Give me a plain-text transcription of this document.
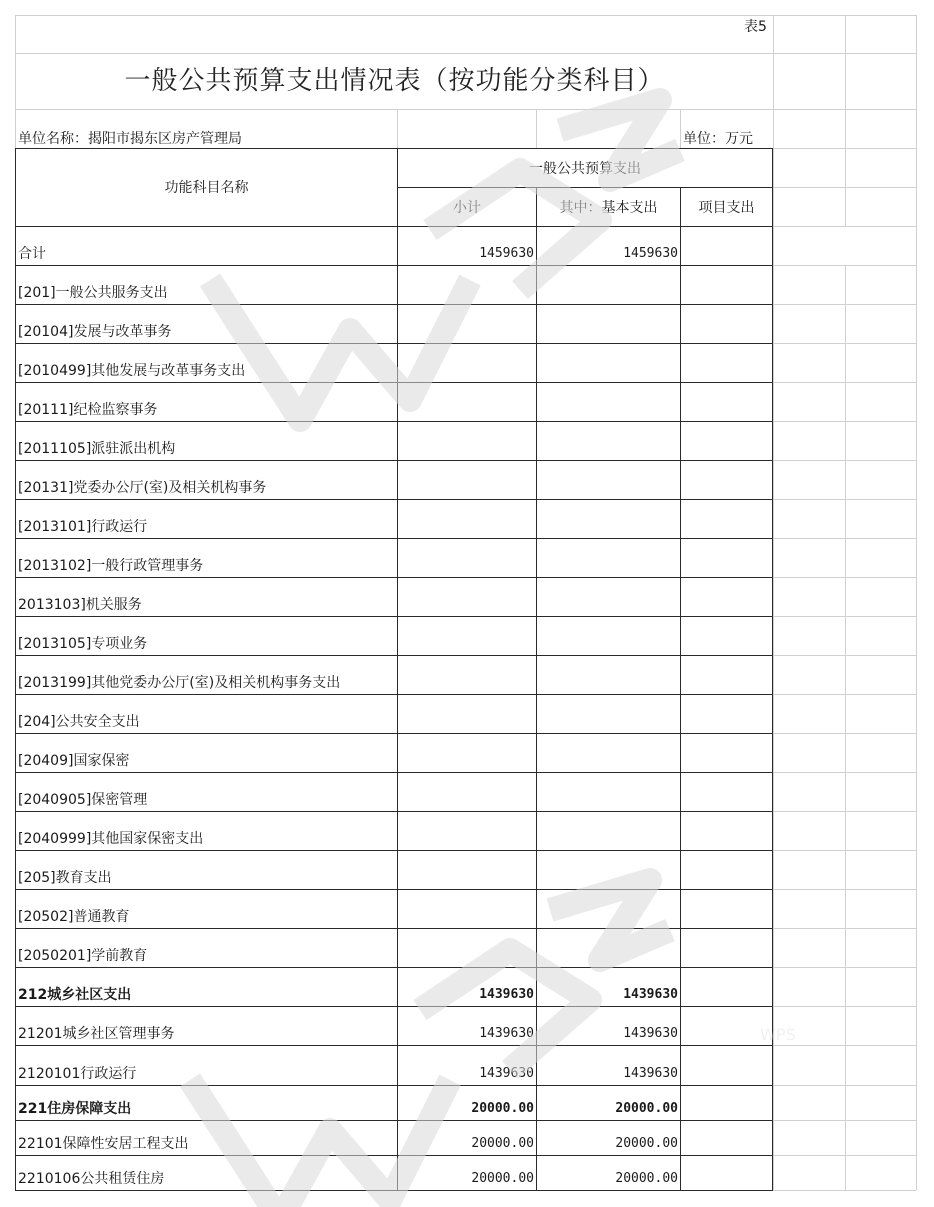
表5
一般公共预算支出情况表（按功能分类科目）
单位名称：揭阳市揭东区房产管理局	单位：万元
功能科目名称
一般公共预算支出
小计	其中：基本支出	项目支出
合计	1459630	1459630
[201]一般公共服务支出
[20104]发展与改革事务
[2010499]其他发展与改革事务支出
[20111]纪检监察事务
[2011105]派驻派出机构
[20131]党委办公厅(室)及相关机构事务
[2013101]行政运行
[2013102]一般行政管理事务
2013103]机关服务
[2013105]专项业务
[2013199]其他党委办公厅(室)及相关机构事务支出
[204]公共安全支出
[20409]国家保密
[2040905]保密管理
[2040999]其他国家保密支出
[205]教育支出
[20502]普通教育
[2050201]学前教育
212城乡社区支出	1439630	1439630
21201城乡社区管理事务	1439630	1439630
2120101行政运行	1439630	1439630
221住房保障支出	20000.00	20000.00
22101保障性安居工程支出	20000.00	20000.00
2210106公共租赁住房	20000.00	20000.00
WPS
